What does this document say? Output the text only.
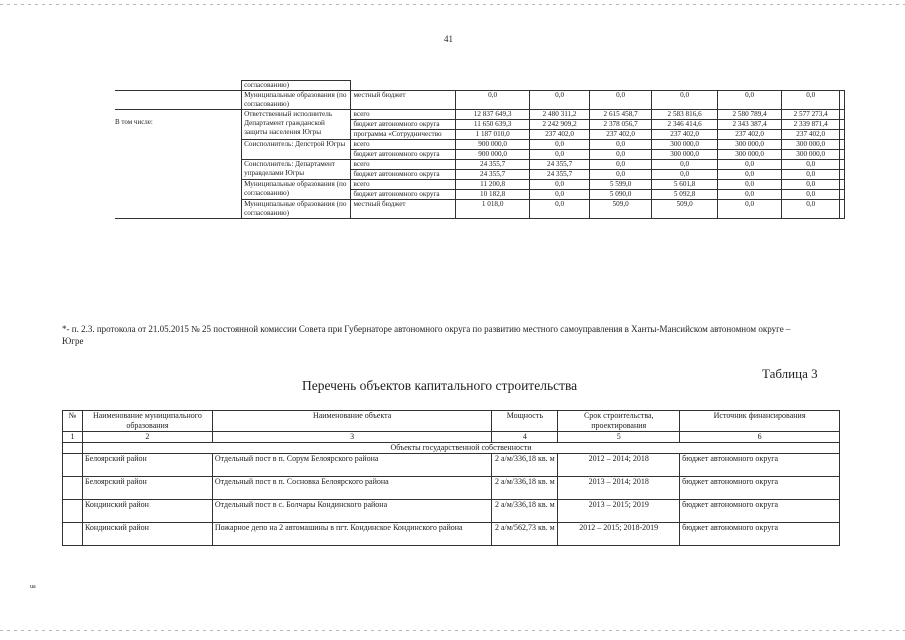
41
В том числе:
	согласованию)								
	Муниципальные образования (по согласованию)	местный бюджет	0,0	0,0	0,0	0,0	0,0	0,0	
	Ответственный исполнитель Департамент гражданской защиты населения Югры	всего	12 837 649,3	2 480 311,2	2 615 458,7	2 583 816,6	2 580 789,4	2 577 273,4	
		бюджет автономного округа	11 650 639,3	2 242 909,2	2 378 056,7	2 346 414,6	2 343 387,4	2 339 871,4	
		программа «Сотрудничество	1 187 010,0	237 402,0	237 402,0	237 402,0	237 402,0	237 402,0	
	Соисполнитель: Депстрой Югры	всего	900 000,0	0,0	0,0	300 000,0	300 000,0	300 000,0	
		бюджет автономного округа	900 000,0	0,0	0,0	300 000,0	300 000,0	300 000,0	
	Соисполнитель: Департамент управделами Югры	всего	24 355,7	24 355,7	0,0	0,0	0,0	0,0	
		бюджет автономного округа	24 355,7	24 355,7	0,0	0,0	0,0	0,0	
	Муниципальные образования (по согласованию)	всего	11 200,8	0,0	5 599,0	5 601,8	0,0	0,0	
		бюджет автономного округа	10 182,8	0,0	5 090,0	5 092,8	0,0	0,0	
	Муниципальные образования (по согласованию)	местный бюджет	1 018,0	0,0	509,0	509,0	0,0	0,0	
*- п. 2.3. протокола от 21.05.2015 № 25 постоянной комиссии Совета при Губернаторе автономного округа по развитию местного самоуправления в Ханты-Мансийском автономном округе – Югре
Таблица 3
Перечень объектов капитального строительства
№	Наименование муниципального образования	Наименование объекта	Мощность	Срок строительства, проектирования	Источник финансирования
1	2	3	4	5	6
	Объекты государственной собственности				
	Белоярский район	Отдельный пост в п. Сорум Белоярского района	2 а/м/336,18 кв. м	2012 – 2014; 2018	бюджет автономного округа
	Белоярский район	Отдельный пост в п. Сосновка Белоярского района	2 а/м/336,18 кв. м	2013 – 2014; 2018	бюджет автономного округа
	Кондинский район	Отдельный пост в с. Болчары Кондинского района	2 а/м/336,18 кв. м	2013 – 2015; 2019	бюджет автономного округа
	Кондинский район	Пожарное депо на 2 автомашины в пгт. Кондинское Кондинского района	2 а/м/562,73 кв. м	2012 – 2015; 2018-2019	бюджет автономного округа
ua
